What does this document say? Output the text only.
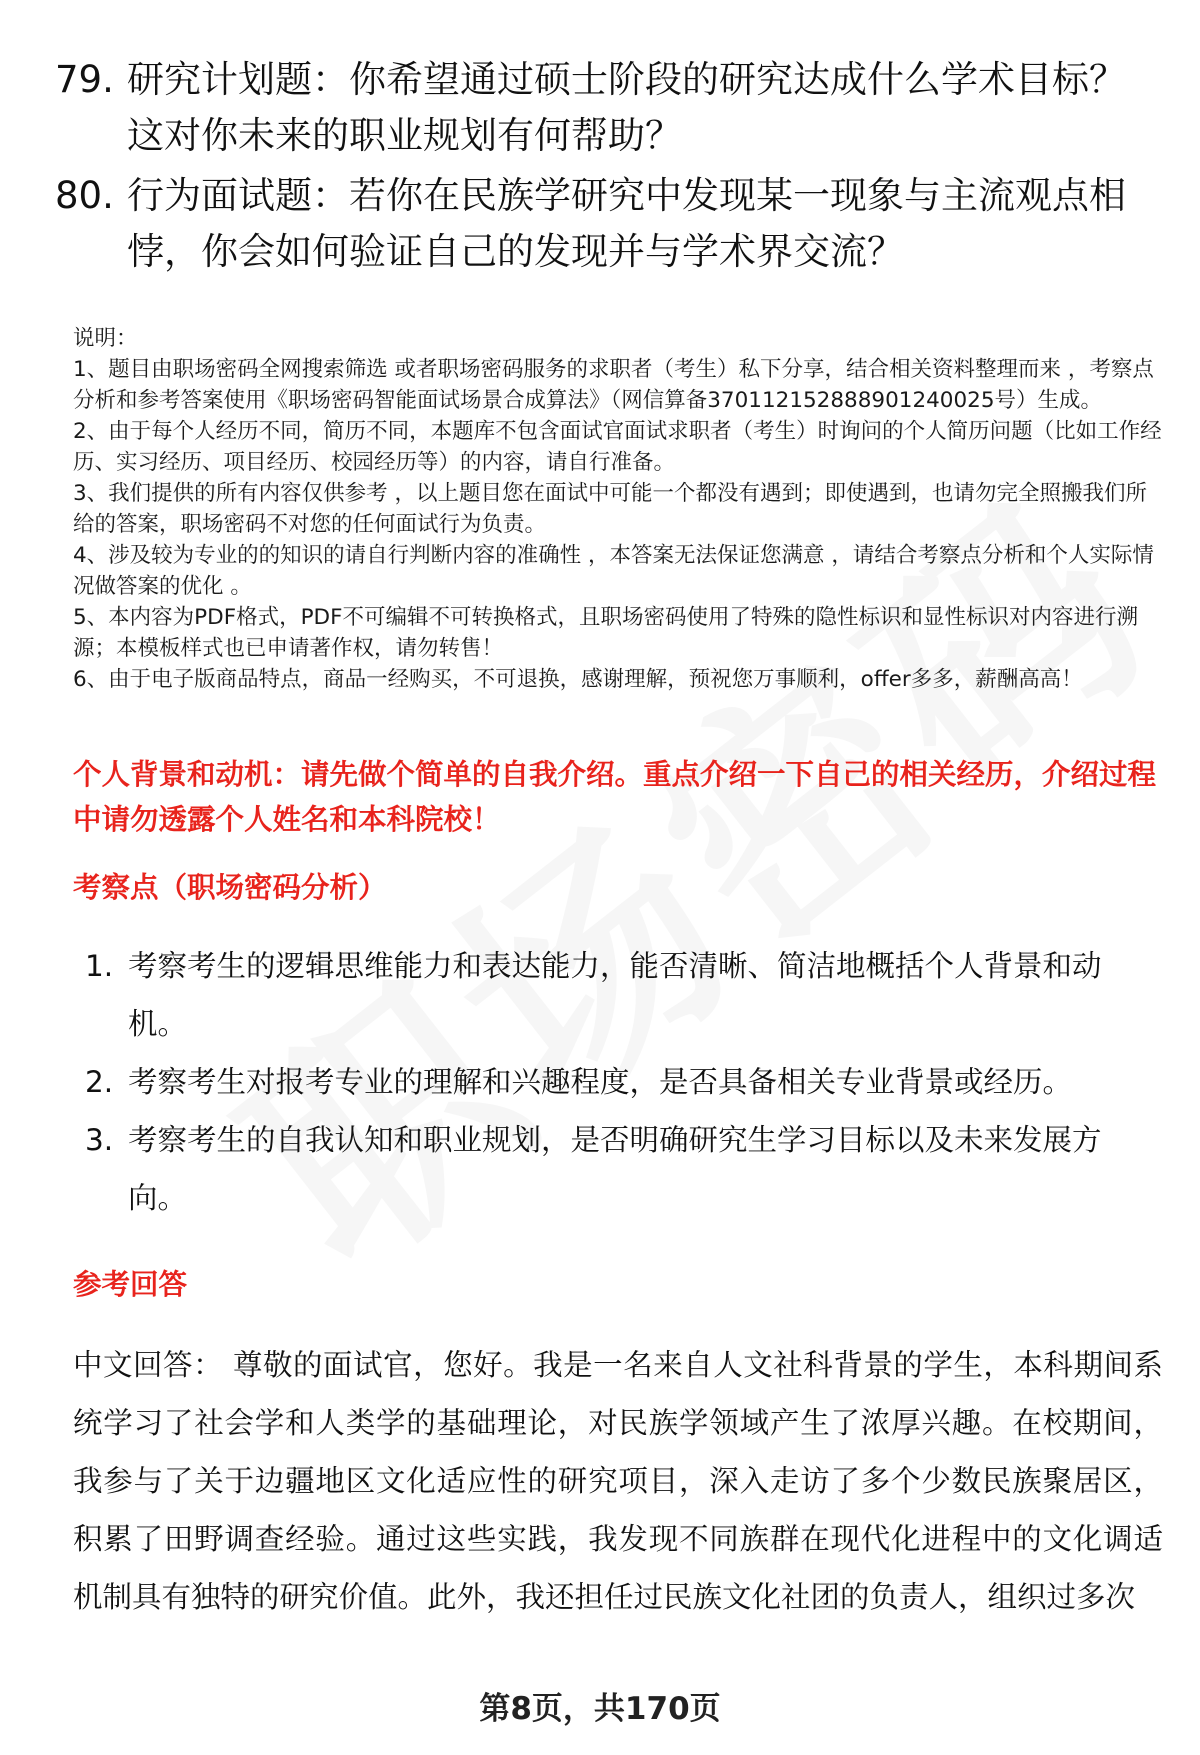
79. 研究计划题：你希望通过硕士阶段的研究达成什么学术目标？这对你未来的职业规划有何帮助？
80. 行为面试题：若你在民族学研究中发现某一现象与主流观点相悖，你会如何验证自己的发现并与学术界交流？

说明：

1、题目由职场密码全网搜索筛选 或者职场密码服务的求职者（考生）私下分享，结合相关资料整理而来 ，考察点分析和参考答案使用《职场密码智能面试场景合成算法》（网信算备370112152888901240025号）生成。

2、由于每个人经历不同，简历不同，本题库不包含面试官面试求职者（考生）时询问的个人简历问题（比如工作经历、实习经历、项目经历、校园经历等）的内容，请自行准备。

3、我们提供的所有内容仅供参考 ，以上题目您在面试中可能一个都没有遇到；即使遇到，也请勿完全照搬我们所给的答案，职场密码不对您的任何面试行为负责。

4、涉及较为专业的的知识的请自行判断内容的准确性 ，本答案无法保证您满意 ，请结合考察点分析和个人实际情况做答案的优化 。

5、本内容为PDF格式，PDF不可编辑不可转换格式，且职场密码使用了特殊的隐性标识和显性标识对内容进行溯源；本模板样式也已申请著作权，请勿转售！

6、由于电子版商品特点，商品一经购买，不可退换，感谢理解，预祝您万事顺利，offer多多，薪酬高高！

个人背景和动机：请先做个简单的自我介绍。重点介绍一下自己的相关经历，介绍过程中请勿透露个人姓名和本科院校！
考察点（职场密码分析）
1. 考察考生的逻辑思维能力和表达能力，能否清晰、简洁地概括个人背景和动机。
2. 考察考生对报考专业的理解和兴趣程度，是否具备相关专业背景或经历。
3. 考察考生的自我认知和职业规划，是否明确研究生学习目标以及未来发展方向。
参考回答
中文回答： 尊敬的面试官，您好。我是一名来自人文社科背景的学生，本科期间系统学习了社会学和人类学的基础理论，对民族学领域产生了浓厚兴趣。在校期间，我参与了关于边疆地区文化适应性的研究项目，深入走访了多个少数民族聚居区，积累了田野调查经验。通过这些实践，我发现不同族群在现代化进程中的文化调适机制具有独特的研究价值。此外，我还担任过民族文化社团的负责人，组织过多次
第8页，共170页
